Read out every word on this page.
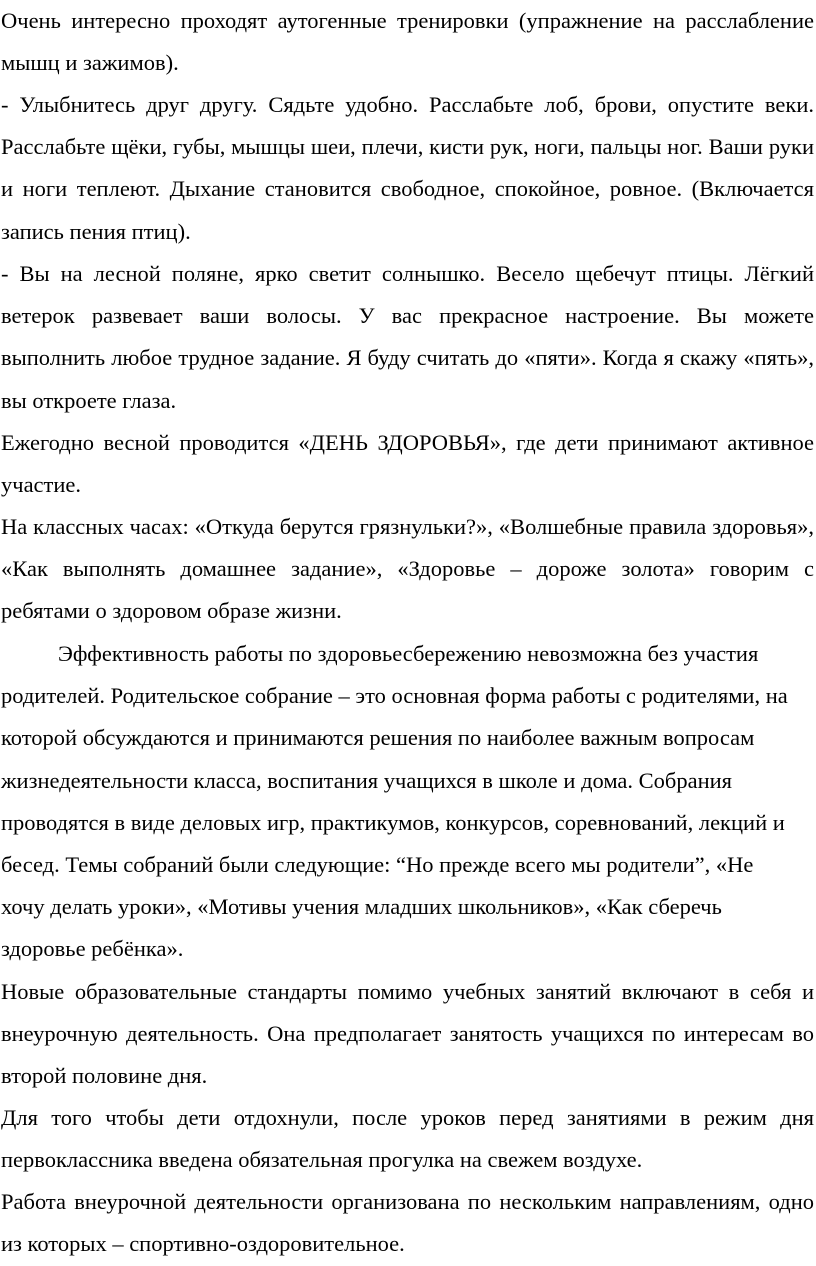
Очень интересно проходят аутогенные тренировки (упражнение на расслабление мышц и зажимов).

- Улыбнитесь друг другу. Сядьте удобно. Расслабьте лоб, брови, опустите веки. Расслабьте щёки, губы, мышцы шеи, плечи, кисти рук, ноги, пальцы ног. Ваши руки и ноги теплеют. Дыхание становится свободное, спокойное, ровное. (Включается запись пения птиц).

- Вы на лесной поляне, ярко светит солнышко. Весело щебечут птицы. Лёгкий ветерок развевает ваши волосы. У вас прекрасное настроение. Вы можете выполнить любое трудное задание. Я буду считать до «пяти». Когда я скажу «пять», вы откроете глаза.

Ежегодно весной проводится «ДЕНЬ ЗДОРОВЬЯ», где дети принимают активное участие.

На классных часах: «Откуда берутся грязнульки?», «Волшебные правила здоровья», «Как выполнять домашнее задание», «Здоровье – дороже золота» говорим с ребятами о здоровом образе жизни.

Эффективность работы по здоровьесбережению невозможна без участия родителей. Родительское собрание – это основная форма работы с родителями, на которой обсуждаются и принимаются решения по наиболее важным вопросам жизнедеятельности класса, воспитания учащихся в школе и дома. Собрания проводятся в виде деловых игр, практикумов, конкурсов, соревнований, лекций и бесед. Темы собраний были следующие: “Но прежде всего мы родители”, «Не хочу делать уроки», «Мотивы учения младших школьников», «Как сберечь здоровье ребёнка».

Новые образовательные стандарты помимо учебных занятий включают в себя и внеурочную деятельность. Она предполагает занятость учащихся по интересам во второй половине дня.

Для того чтобы дети отдохнули, после уроков перед занятиями в режим дня первоклассника введена обязательная прогулка на свежем воздухе.

Работа внеурочной деятельности организована по нескольким направлениям, одно из которых – спортивно-оздоровительное.
